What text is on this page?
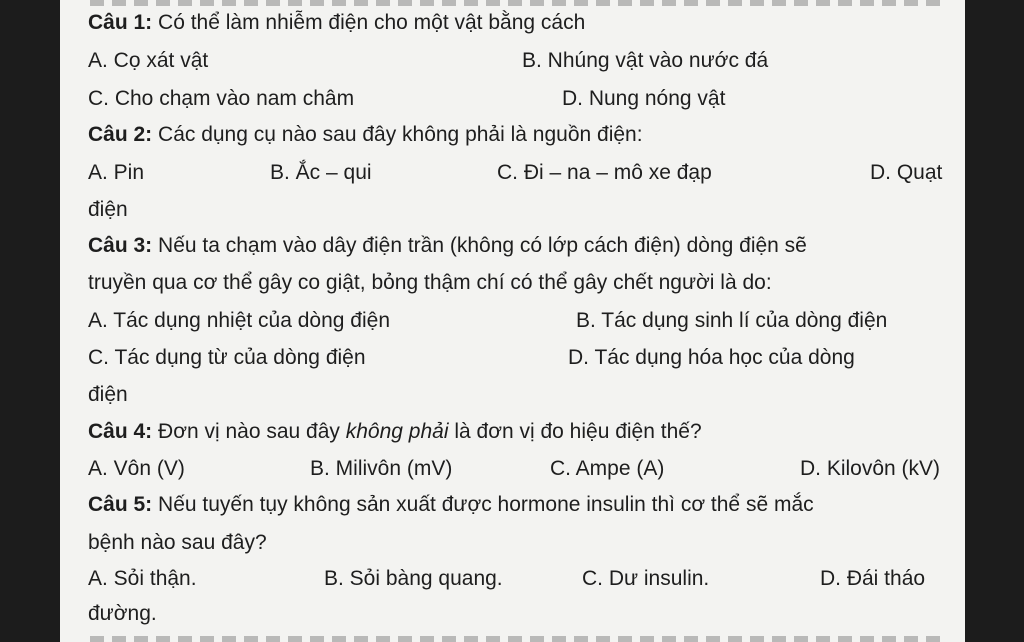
Câu 1: Có thể làm nhiễm điện cho một vật bằng cách
A. Cọ xát vật	B. Nhúng vật vào nước đá
C. Cho chạm vào nam châm	D. Nung nóng vật
Câu 2: Các dụng cụ nào sau đây không phải là nguồn điện:
A. Pin	B. Ắc – qui	C. Đi – na – mô xe đạp	D. Quạt
điện
Câu 3: Nếu ta chạm vào dây điện trần (không có lớp cách điện) dòng điện sẽ
truyền qua cơ thể gây co giật, bỏng thậm chí có thể gây chết người là do:
A. Tác dụng nhiệt của dòng điện	B. Tác dụng sinh lí của dòng điện
C. Tác dụng từ của dòng điện	D. Tác dụng hóa học của dòng
điện
Câu 4: Đơn vị nào sau đây không phải là đơn vị đo hiệu điện thế?
A. Vôn (V)	B. Milivôn (mV)	C. Ampe (A)	D. Kilovôn (kV)
Câu 5: Nếu tuyến tụy không sản xuất được hormone insulin thì cơ thể sẽ mắc
bệnh nào sau đây?
A. Sỏi thận.	B. Sỏi bàng quang.	C. Dư insulin.	D. Đái tháo
đường.
